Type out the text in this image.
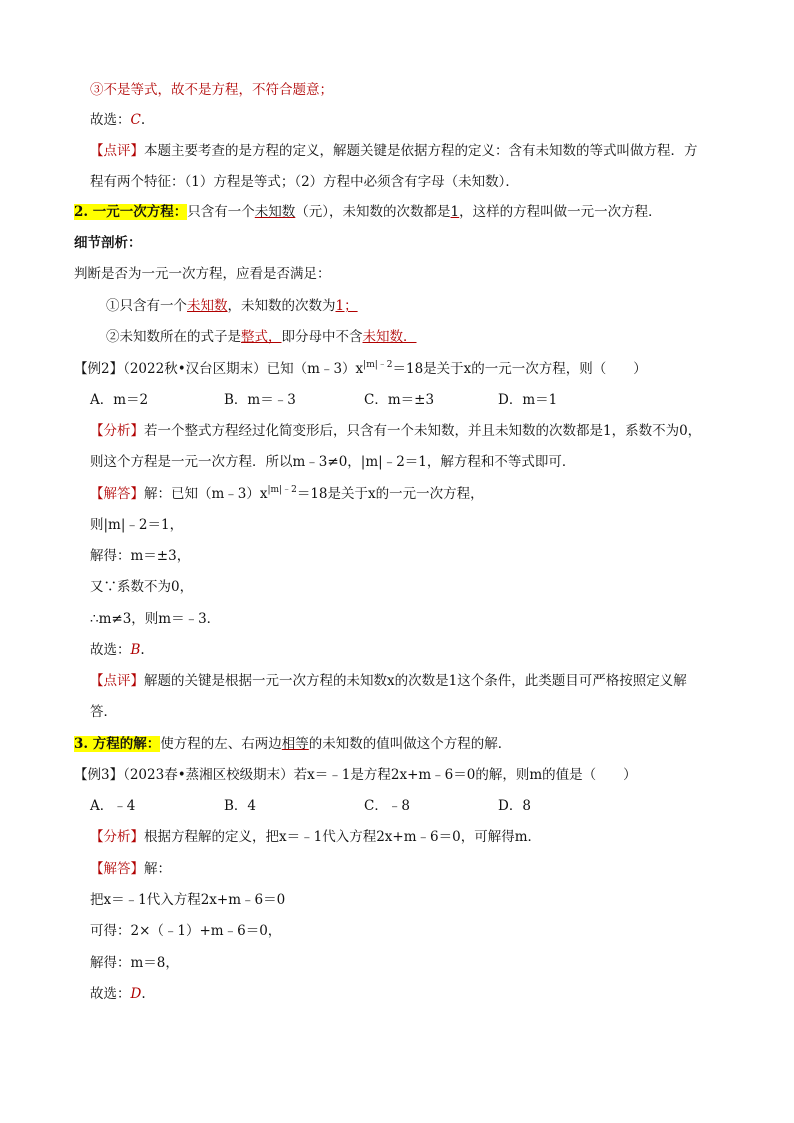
③不是等式，故不是方程，不符合题意；
故选：C.
【点评】本题主要考查的是方程的定义，解题关键是依据方程的定义：含有未知数的等式叫做方程．方
程有两个特征：（1）方程是等式；（2）方程中必须含有字母（未知数）．
2. 一元一次方程：只含有一个未知数（元），未知数的次数都是1，这样的方程叫做一元一次方程．
细节剖析：
判断是否为一元一次方程，应看是否满足：
①只含有一个未知数，未知数的次数为1；
②未知数所在的式子是整式，即分母中不含未知数．
【例2】（2022秋•汉台区期末）已知$(m﹣3)x^{|m|﹣2}=18$是关于x的一元一次方程，则（　　）
A．m＝2	B．m＝﹣3	C．m＝±3	D．m＝1
【分析】若一个整式方程经过化简变形后，只含有一个未知数，并且未知数的次数都是1，系数不为0，
则这个方程是一元一次方程．所以m﹣3≠0，|m|﹣2＝1，解方程和不等式即可．
【解答】解：已知$(m﹣3)x^{|m|﹣2}=18$是关于x的一元一次方程，
则|m|﹣2＝1，
解得：m＝±3，
又∵系数不为0，
∴m≠3，则m＝﹣3．
故选：B.
【点评】解题的关键是根据一元一次方程的未知数x的次数是1这个条件，此类题目可严格按照定义解
答．
3. 方程的解：使方程的左、右两边相等的未知数的值叫做这个方程的解．
【例3】（2023春•蒸湘区校级期末）若x＝﹣1是方程2x+m﹣6＝0的解，则m的值是（　　）
A．﹣4	B．4	C．﹣8	D．8
【分析】根据方程解的定义，把x＝﹣1代入方程2x+m﹣6＝0，可解得m．
【解答】解：
把x＝﹣1代入方程2x+m﹣6＝0
可得：2×（﹣1）+m﹣6＝0，
解得：m＝8，
故选：D.
